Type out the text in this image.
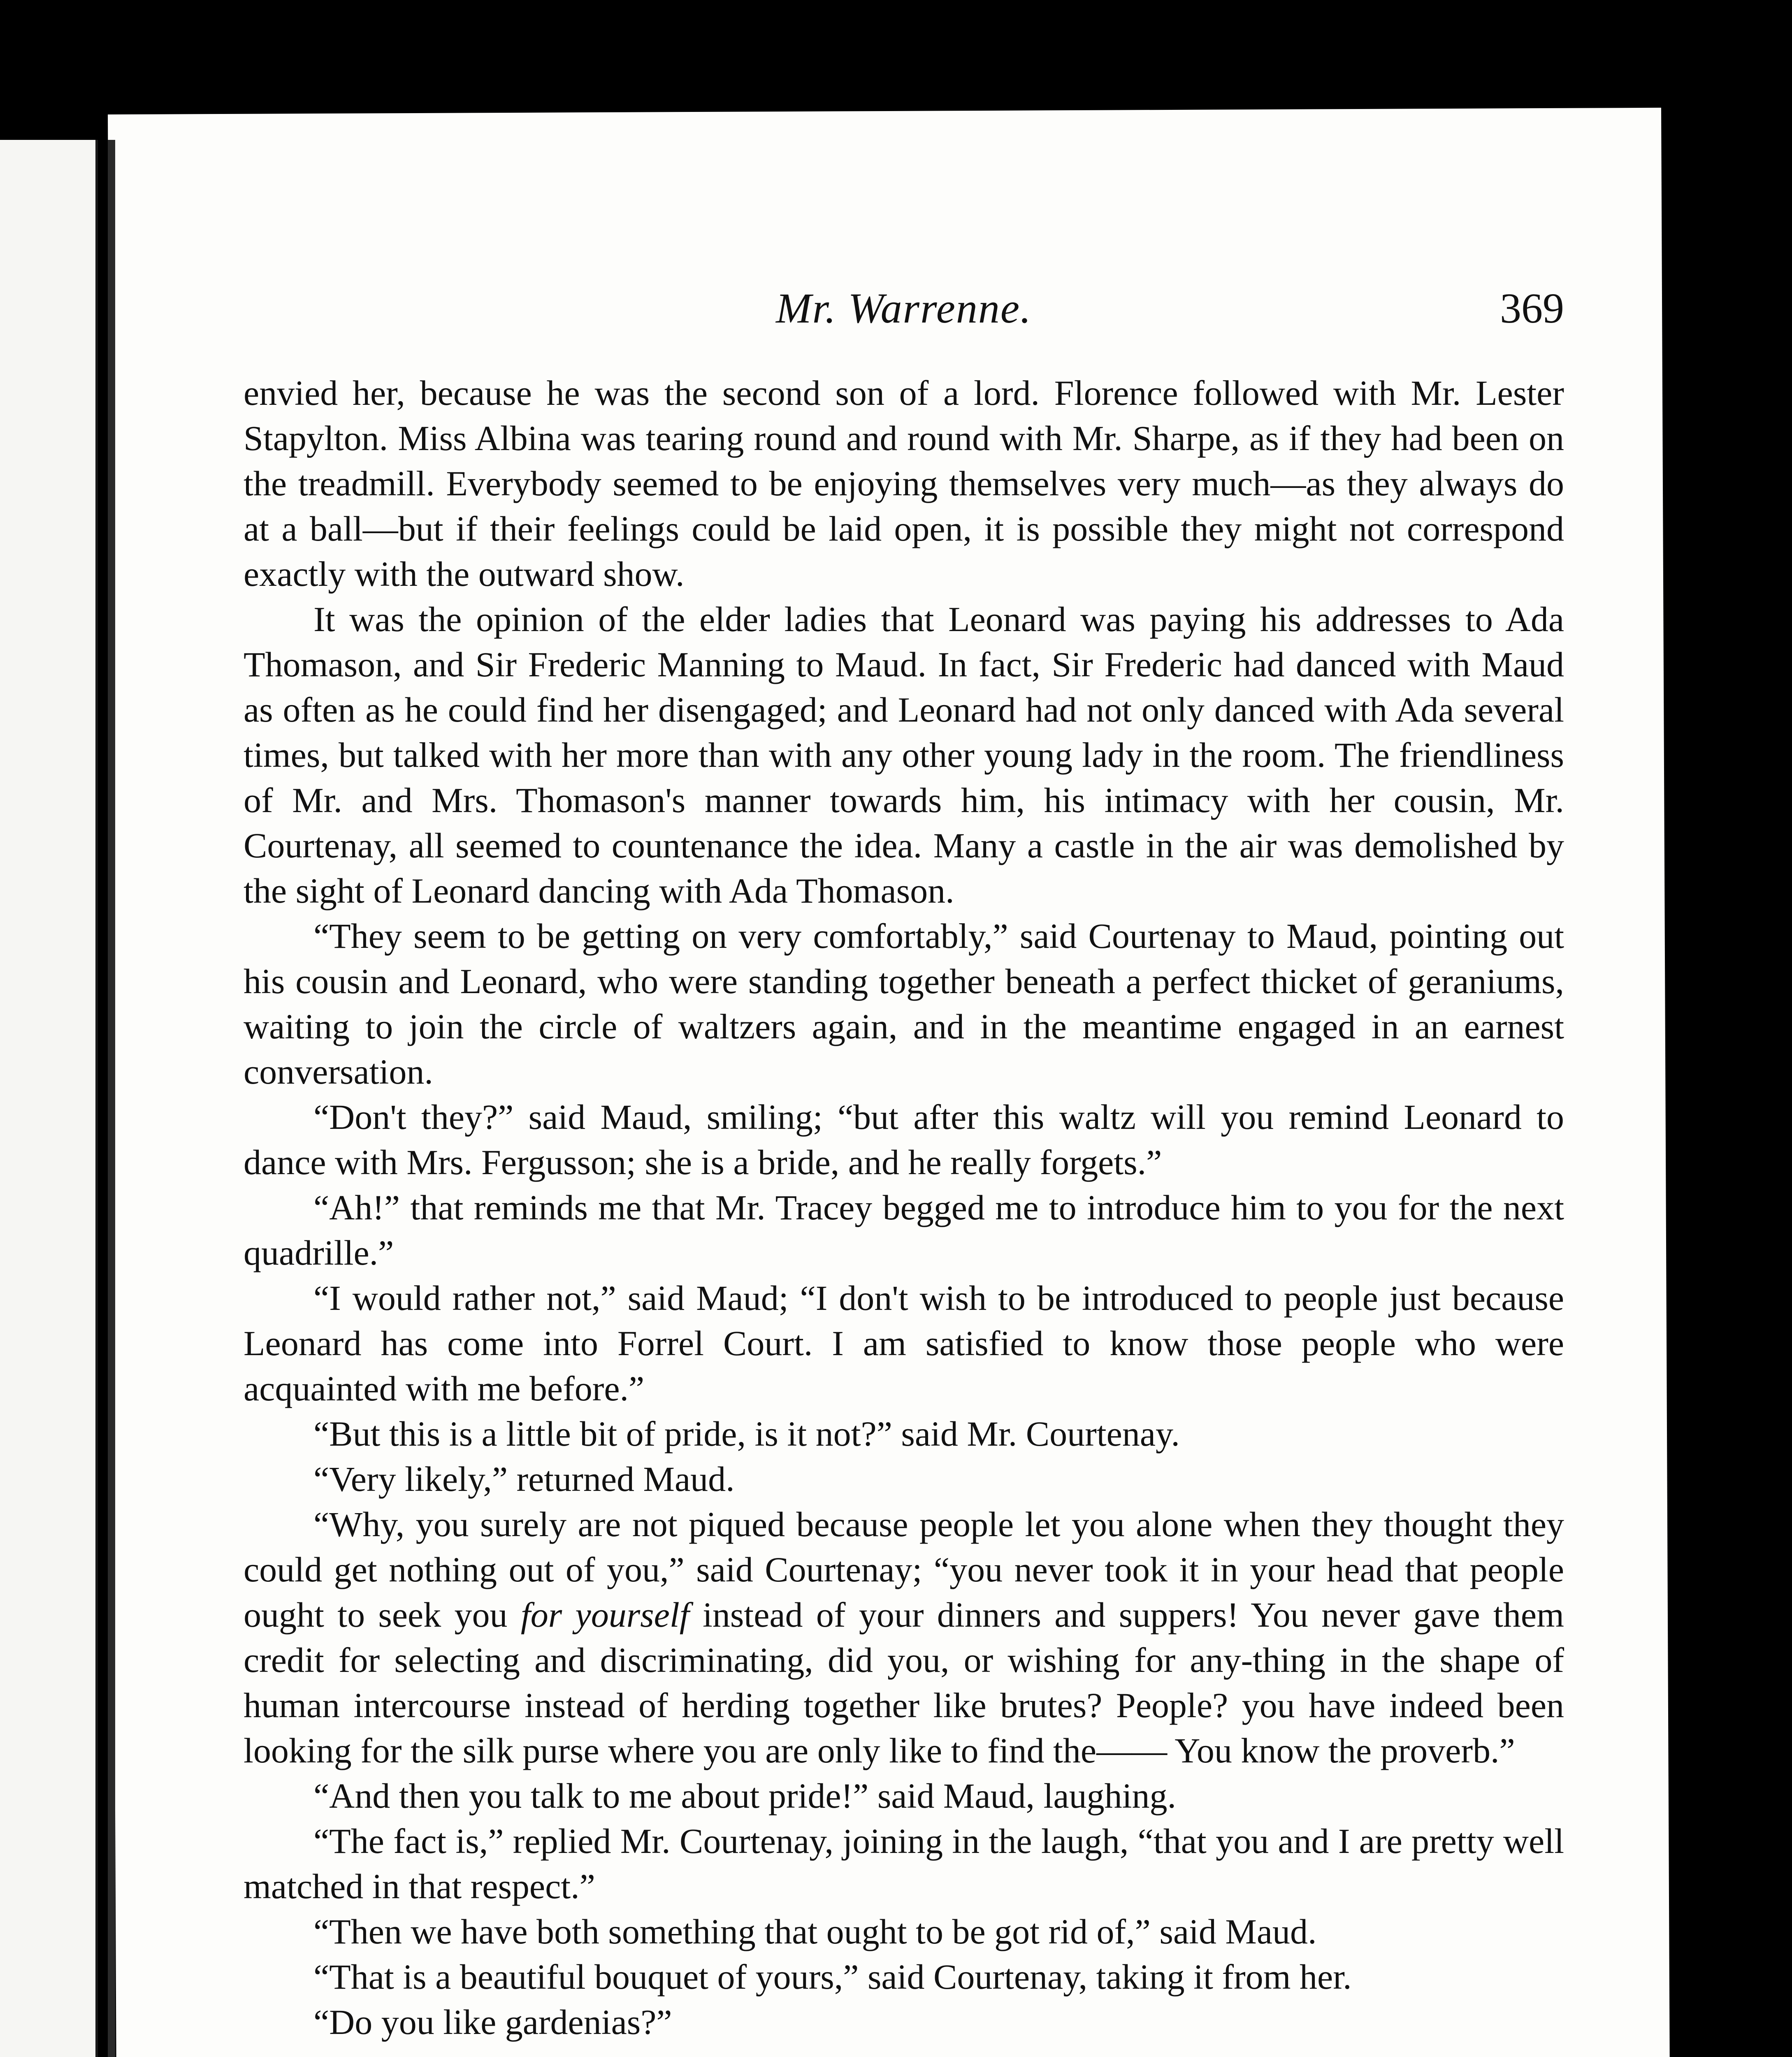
Mr. Warrenne.	369

envied her, because he was the second son of a lord. Florence followed with Mr. Lester Stapylton. Miss Albina was tearing round and round with Mr. Sharpe, as if they had been on the treadmill. Everybody seemed to be enjoying themselves very much—as they always do at a ball—but if their feelings could be laid open, it is possible they might not correspond exactly with the outward show.

It was the opinion of the elder ladies that Leonard was paying his addresses to Ada Thomason, and Sir Frederic Manning to Maud. In fact, Sir Frederic had danced with Maud as often as he could find her disengaged; and Leonard had not only danced with Ada several times, but talked with her more than with any other young lady in the room. The friendliness of Mr. and Mrs. Thomason's manner towards him, his intimacy with her cousin, Mr. Courtenay, all seemed to countenance the idea. Many a castle in the air was demolished by the sight of Leonard dancing with Ada Thomason.

“They seem to be getting on very comfortably,” said Courtenay to Maud, pointing out his cousin and Leonard, who were standing together beneath a perfect thicket of geraniums, waiting to join the circle of waltzers again, and in the meantime engaged in an earnest conversation.

“Don't they?” said Maud, smiling; “but after this waltz will you remind Leonard to dance with Mrs. Fergusson; she is a bride, and he really forgets.”

“Ah!” that reminds me that Mr. Tracey begged me to introduce him to you for the next quadrille.”

“I would rather not,” said Maud; “I don't wish to be introduced to people just because Leonard has come into Forrel Court. I am satisfied to know those people who were acquainted with me before.”

“But this is a little bit of pride, is it not?” said Mr. Courtenay.

“Very likely,” returned Maud.

“Why, you surely are not piqued because people let you alone when they thought they could get nothing out of you,” said Courtenay; “you never took it in your head that people ought to seek you for yourself instead of your dinners and suppers! You never gave them credit for selecting and discriminating, did you, or wishing for any-thing in the shape of human intercourse instead of herding together like brutes? People? you have indeed been looking for the silk purse where you are only like to find the—— You know the proverb.”

“And then you talk to me about pride!” said Maud, laughing.

“The fact is,” replied Mr. Courtenay, joining in the laugh, “that you and I are pretty well matched in that respect.”

“Then we have both something that ought to be got rid of,” said Maud.

“That is a beautiful bouquet of yours,” said Courtenay, taking it from her.

“Do you like gardenias?”
